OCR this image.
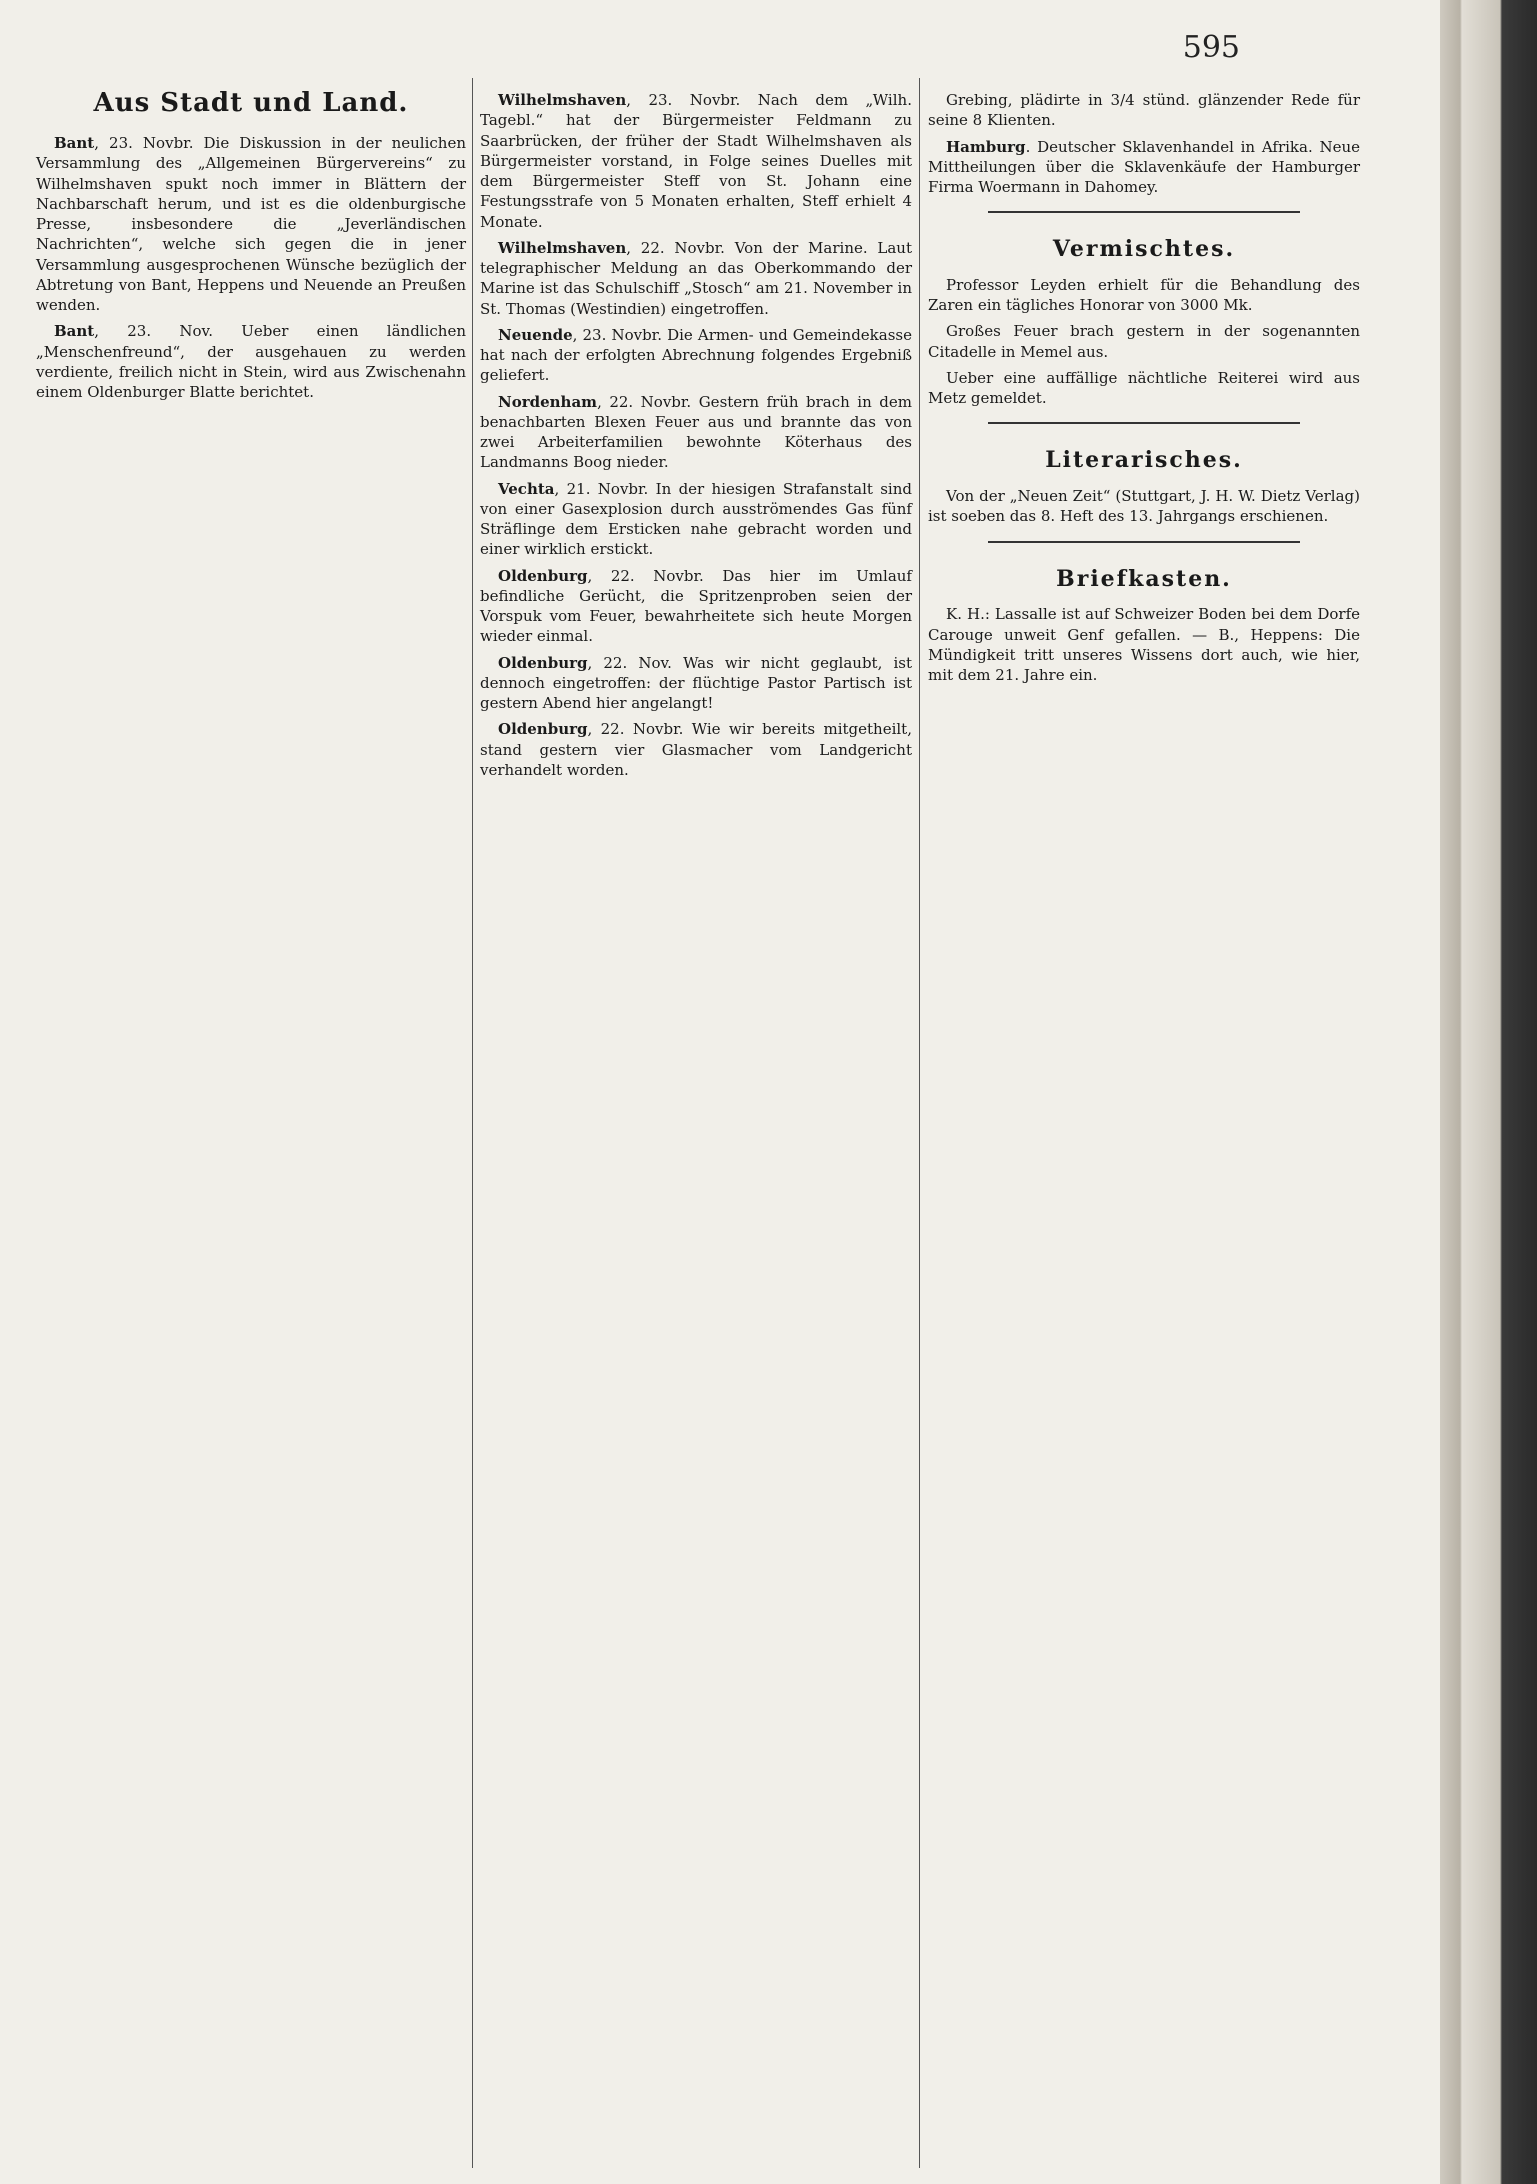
595
Aus Stadt und Land.

Bant, 23. Novbr. Die Diskussion in der neulichen Versammlung des „Allgemeinen Bürgervereins“ zu Wilhelmshaven spukt noch immer in Blättern der Nachbarschaft herum, und ist es die oldenburgische Presse, insbesondere die „Jeverländischen Nachrichten“, welche sich gegen die in jener Versammlung ausgesprochenen Wünsche bezüglich der Abtretung von Bant, Heppens und Neuende an Preußen wenden.

Bant, 23. Nov. Ueber einen ländlichen „Menschenfreund“, der ausgehauen zu werden verdiente, freilich nicht in Stein, wird aus Zwischenahn einem Oldenburger Blatte berichtet.

Wilhelmshaven, 23. Novbr. Nach dem „Wilh. Tagebl.“ hat der Bürgermeister Feldmann zu Saarbrücken, der früher der Stadt Wilhelmshaven als Bürgermeister vorstand, in Folge seines Duelles mit dem Bürgermeister Steff von St. Johann eine Festungsstrafe von 5 Monaten erhalten, Steff erhielt 4 Monate.

Wilhelmshaven, 22. Novbr. Von der Marine. Laut telegraphischer Meldung an das Oberkommando der Marine ist das Schulschiff „Stosch“ am 21. November in St. Thomas (Westindien) eingetroffen.

Neuende, 23. Novbr. Die Armen- und Gemeindekasse hat nach der erfolgten Abrechnung folgendes Ergebniß geliefert.

Nordenham, 22. Novbr. Gestern früh brach in dem benachbarten Blexen Feuer aus und brannte das von zwei Arbeiterfamilien bewohnte Köterhaus des Landmanns Boog nieder.

Vechta, 21. Novbr. In der hiesigen Strafanstalt sind von einer Gasexplosion durch ausströmendes Gas fünf Sträflinge dem Ersticken nahe gebracht worden und einer wirklich erstickt.

Oldenburg, 22. Novbr. Das hier im Umlauf befindliche Gerücht, die Spritzenproben seien der Vorspuk vom Feuer, bewahrheitete sich heute Morgen wieder einmal.

Oldenburg, 22. Nov. Was wir nicht geglaubt, ist dennoch eingetroffen: der flüchtige Pastor Partisch ist gestern Abend hier angelangt!

Oldenburg, 22. Novbr. Wie wir bereits mitgetheilt, stand gestern vier Glasmacher vom Landgericht verhandelt worden.

Grebing, plädirte in 3/4 stünd. glänzender Rede für seine 8 Klienten.

Hamburg. Deutscher Sklavenhandel in Afrika. Neue Mittheilungen über die Sklavenkäufe der Hamburger Firma Woermann in Dahomey.

Vermischtes.

Professor Leyden erhielt für die Behandlung des Zaren ein tägliches Honorar von 3000 Mk.

Großes Feuer brach gestern in der sogenannten Citadelle in Memel aus.

Ueber eine auffällige nächtliche Reiterei wird aus Metz gemeldet.

Literarisches.

Von der „Neuen Zeit“ (Stuttgart, J. H. W. Dietz Verlag) ist soeben das 8. Heft des 13. Jahrgangs erschienen.

Briefkasten.

K. H.: Lassalle ist auf Schweizer Boden bei dem Dorfe Carouge unweit Genf gefallen. — B., Heppens: Die Mündigkeit tritt unseres Wissens dort auch, wie hier, mit dem 21. Jahre ein.
